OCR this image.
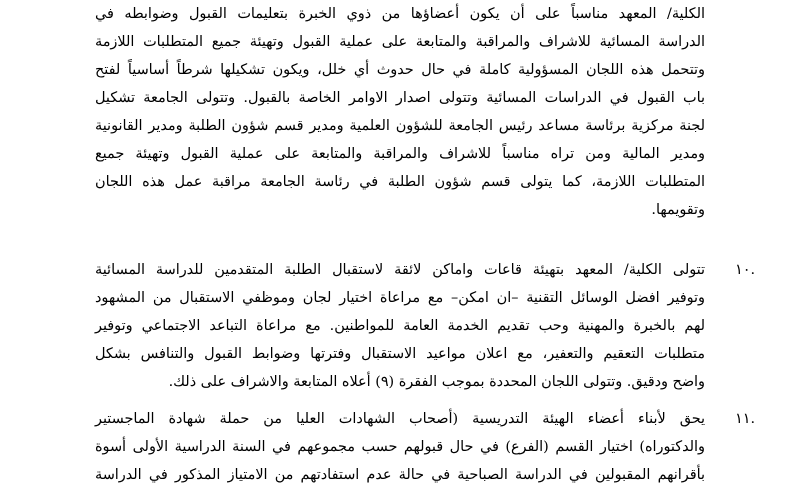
الكلية/ المعهد مناسباً على أن يكون أعضاؤها من ذوي الخبرة بتعليمات القبول وضوابطه في
الدراسة المسائية للاشراف والمراقبة والمتابعة على عملية القبول وتهيئة جميع المتطلبات اللازمة
وتتحمل هذه اللجان المسؤولية كاملة في حال حدوث أي خلل، ويكون تشكيلها شرطاً أساسياً لفتح
باب القبول في الدراسات المسائية وتتولى اصدار الاوامر الخاصة بالقبول. وتتولى الجامعة تشكيل
لجنة مركزية برئاسة مساعد رئيس الجامعة للشؤون العلمية ومدير قسم شؤون الطلبة ومدير القانونية
ومدير المالية ومن تراه مناسباً للاشراف والمراقبة والمتابعة على عملية القبول وتهيئة جميع
المتطلبات اللازمة، كما يتولى قسم شؤون الطلبة في رئاسة الجامعة مراقبة عمل هذه اللجان
وتقويمها.
١٠.
تتولى الكلية/ المعهد بتهيئة قاعات واماكن لائقة لاستقبال الطلبة المتقدمين للدراسة المسائية
وتوفير افضل الوسائل التقنية –ان امكن– مع مراعاة اختيار لجان وموظفي الاستقبال من المشهود
لهم بالخبرة والمهنية وحب تقديم الخدمة العامة للمواطنين. مع مراعاة التباعد الاجتماعي وتوفير
متطلبات التعقيم والتعفير، مع اعلان مواعيد الاستقبال وفترتها وضوابط القبول والتنافس بشكل
واضح ودقيق. وتتولى اللجان المحددة بموجب الفقرة (٩) أعلاه المتابعة والاشراف على ذلك.
١١.
يحق لأبناء أعضاء الهيئة التدريسية (أصحاب الشهادات العليا من حملة شهادة الماجستير
والدكتوراه) اختيار القسم (الفرع) في حال قبولهم حسب مجموعهم في السنة الدراسية الأولى أسوة
بأقرانهم المقبولين في الدراسة الصباحية في حالة عدم استفادتهم من الامتياز المذكور في الدراسة
